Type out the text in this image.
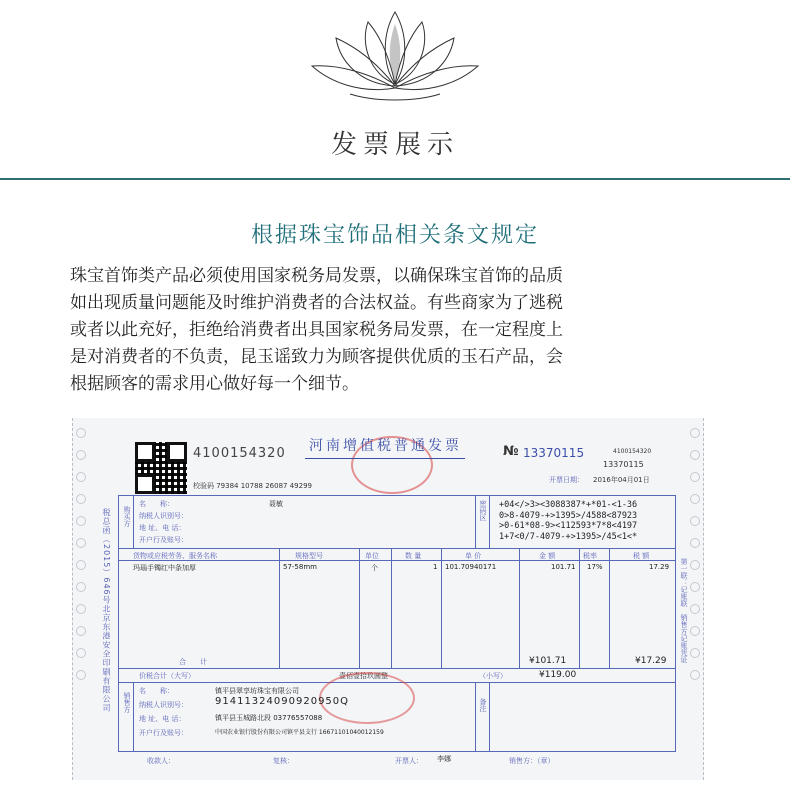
发票展示
根据珠宝饰品相关条文规定
珠宝首饰类产品必须使用国家税务局发票，以确保珠宝首饰的品质
如出现质量问题能及时维护消费者的合法权益。有些商家为了逃税
或者以此充好，拒绝给消费者出具国家税务局发票，在一定程度上
是对消费者的不负责，昆玉谣致力为顾客提供优质的玉石产品，会
根据顾客的需求用心做好每一个细节。
4100154320
校验码 79384 10788 26087 49299
河南增值税普通发票	№ 13370115	4100154320
13370115
开票日期： 2016年04月01日
税总函（2015）646号北京东港安全印刷有限公司 购买方
名　　称：	聂敏
纳税人识别号：
地 址、电 话：
开户行及账号：
密码区 +04</>3><3088387*+*01-<1-36
0>8-4079-+>1395>/4588<87923
>0-61*08-9><112593*7*8<4197
1+7<0/7-4079-+>1395>/45<1<*
货物或应税劳务、服务名称	规格型号	单位	数 量	单 价	金 额	税率	税 额
玛瑙手镯红中条加厚	57-58mm	个	1 101.70940171	101.71 17%	17.29
合　　计	¥101.71	¥17.29
价税合计（大写）	壹佰壹拾玖圆整	（小写）	¥119.00
销售方
名　　称：	镇平县翠享坊珠宝有限公司
纳税人识别号：	91411324090920950Q
地 址、电 话：	镇平县玉城路北段 03776557088
开户行及账号：	中国农业银行股份有限公司镇平县支行 16671101040012159
备注
第一联：记账联　销售方记账凭证
收款人：	复核：	开票人： 李娜	销售方：（章）
